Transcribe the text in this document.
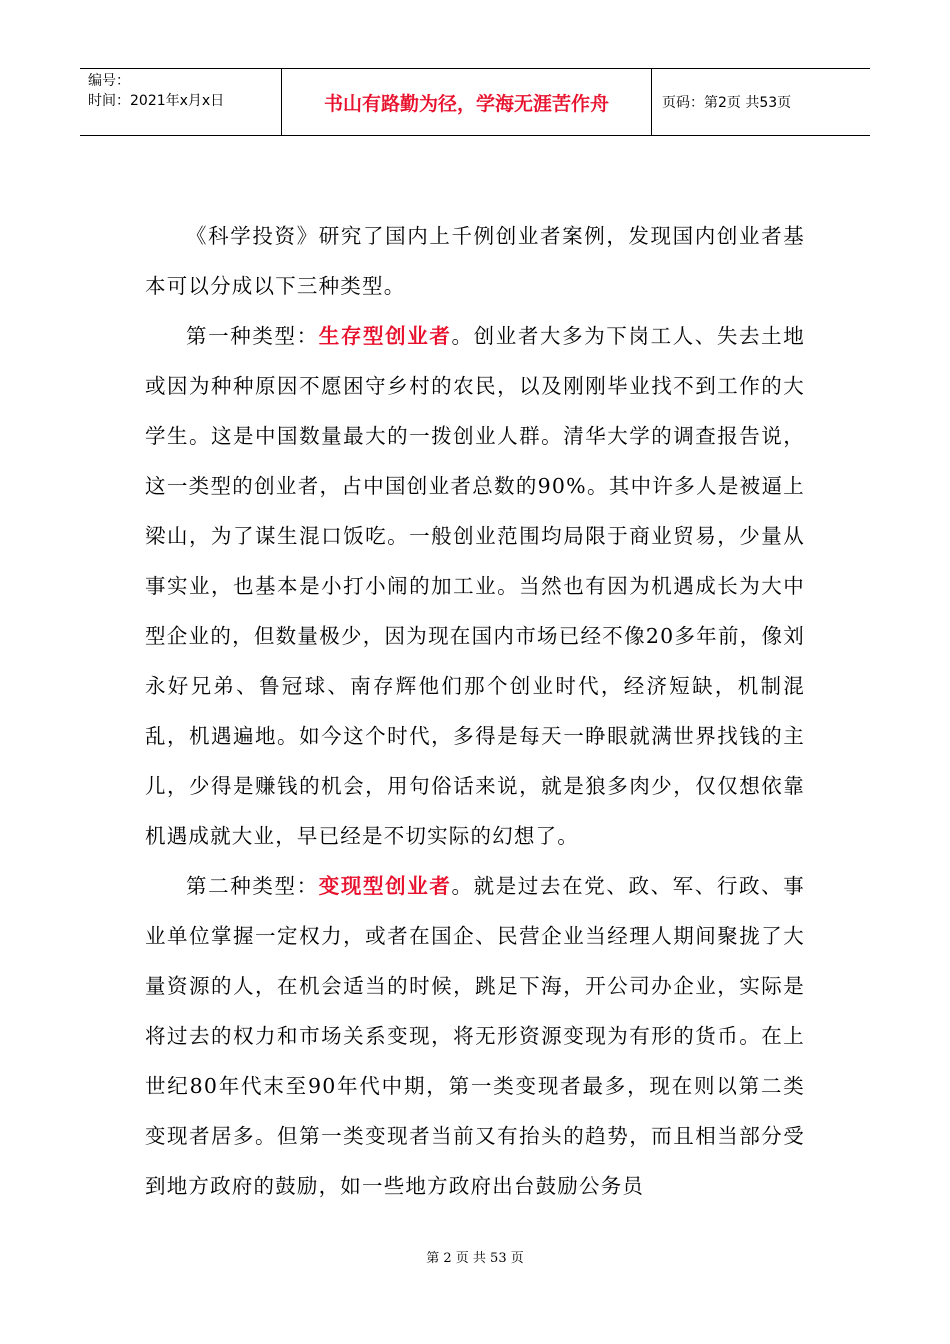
编号：
时间：2021年x月x日	书山有路勤为径，学海无涯苦作舟	页码：第2页 共53页

《科学投资》研究了国内上千例创业者案例，发现国内创业者基本可以分成以下三种类型。

第一种类型：生存型创业者。创业者大多为下岗工人、失去土地或因为种种原因不愿困守乡村的农民，以及刚刚毕业找不到工作的大学生。这是中国数量最大的一拨创业人群。清华大学的调查报告说，这一类型的创业者，占中国创业者总数的90%。其中许多人是被逼上梁山，为了谋生混口饭吃。一般创业范围均局限于商业贸易，少量从事实业，也基本是小打小闹的加工业。当然也有因为机遇成长为大中型企业的，但数量极少，因为现在国内市场已经不像20多年前，像刘永好兄弟、鲁冠球、南存辉他们那个创业时代，经济短缺，机制混乱，机遇遍地。如今这个时代，多得是每天一睁眼就满世界找钱的主儿，少得是赚钱的机会，用句俗话来说，就是狼多肉少，仅仅想依靠机遇成就大业，早已经是不切实际的幻想了。

第二种类型：变现型创业者。就是过去在党、政、军、行政、事业单位掌握一定权力，或者在国企、民营企业当经理人期间聚拢了大量资源的人，在机会适当的时候，跳足下海，开公司办企业，实际是将过去的权力和市场关系变现，将无形资源变现为有形的货币。在上世纪80年代末至90年代中期，第一类变现者最多，现在则以第二类变现者居多。但第一类变现者当前又有抬头的趋势，而且相当部分受到地方政府的鼓励，如一些地方政府出台鼓励公务员

第 2 页 共 53 页
